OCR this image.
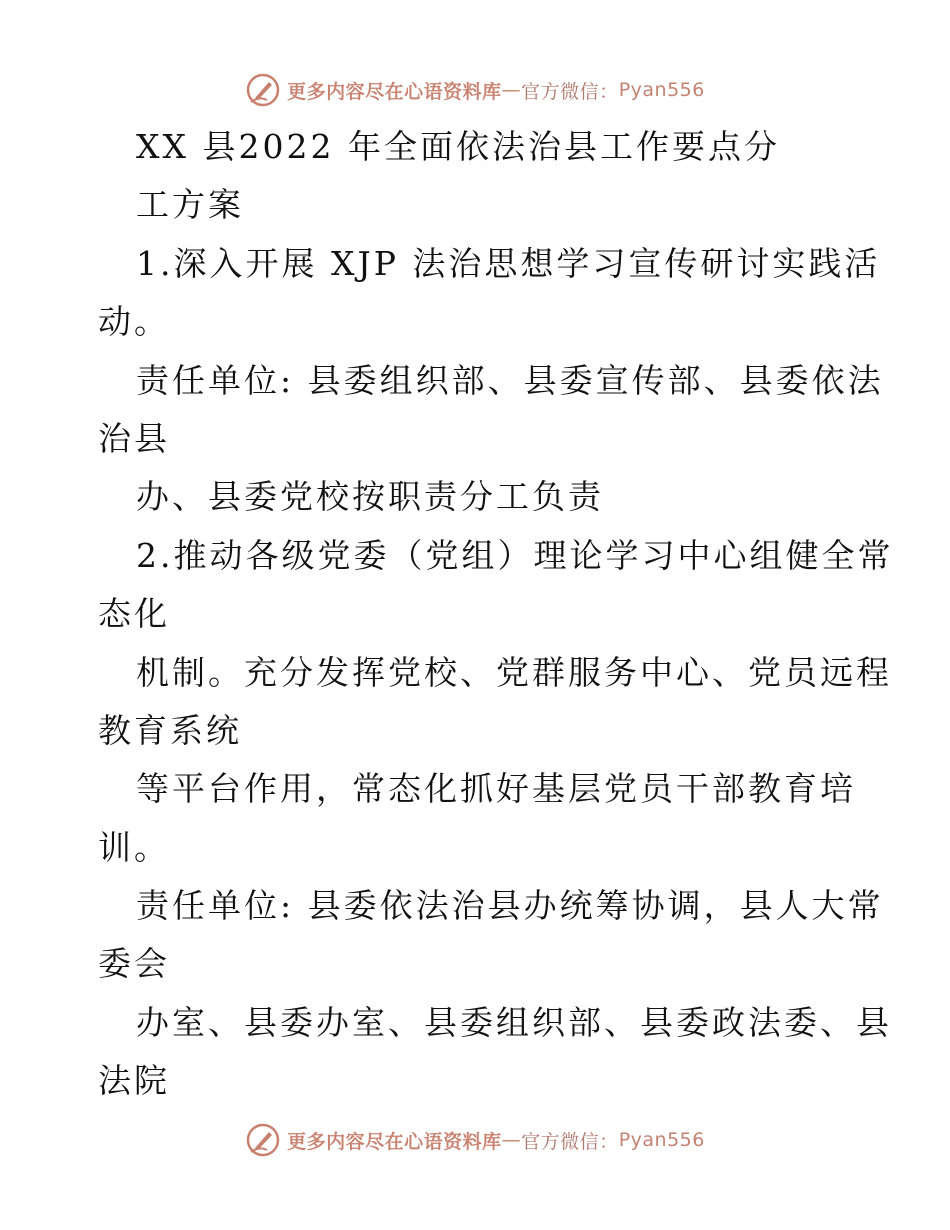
更多内容尽在心语资料库 — 官方微信： Pyan556
XX 县2022 年全面依法治县工作要点分
工方案
1.深入开展 XJP 法治思想学习宣传研讨实践活
动。
责任单位: 县委组织部、县委宣传部、县委依法
治县
办、县委党校按职责分工负责
2.推动各级党委（党组）理论学习中心组健全常
态化
机制。充分发挥党校、党群服务中心、党员远程
教育系统
等平台作用，常态化抓好基层党员干部教育培
训。
责任单位: 县委依法治县办统筹协调，县人大常
委会
办室、县委办室、县委组织部、县委政法委、县
法院
更多内容尽在心语资料库 — 官方微信： Pyan556
